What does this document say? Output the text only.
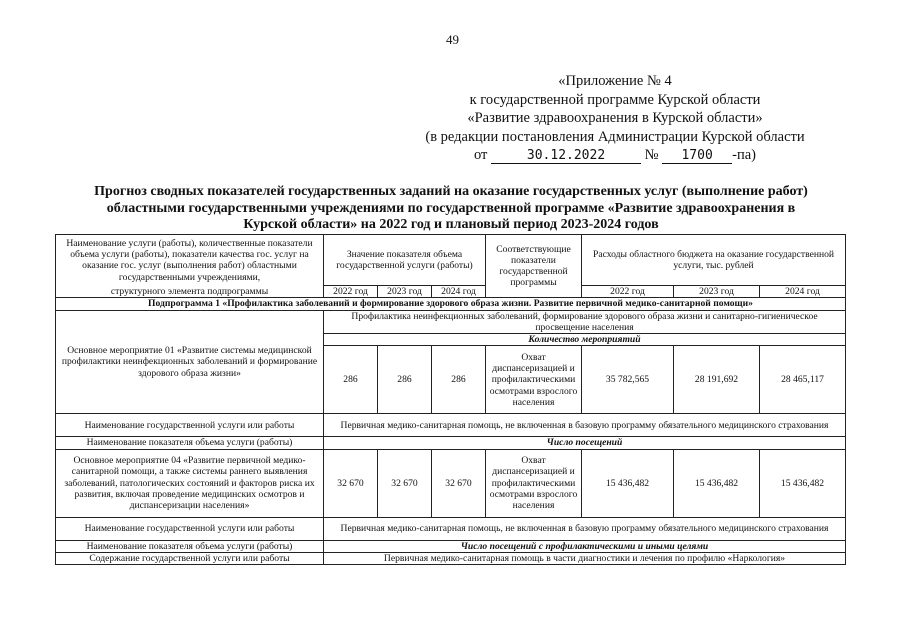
49
«Приложение № 4
к государственной программе Курской области
«Развитие здравоохранения в Курской области»
(в редакции постановления Администрации Курской области
от	30.12.2022	№ 1700 -па)
Прогноз сводных показателей государственных заданий на оказание государственных услуг (выполнение работ)
областными государственными учреждениями по государственной программе «Развитие здравоохранения в
Курской области» на 2022 год и плановый период 2023-2024 годов
Наименование услуги (работы), количественные показатели объема услуги (работы), показатели качества гос. услуг на оказание гос. услуг (выполнения работ) областными государственными учреждениями,	Значение показателя объема государственной услуги (работы)			Соответствующие показатели государственной программы	Расходы областного бюджета на оказание государственной услуги, тыс. рублей		
структурного элемента подпрограммы	2022 год	2023 год	2024 год		2022 год	2023 год	2024 год
Подпрограмма 1 «Профилактика заболеваний и формирование здорового образа жизни. Развитие первичной медико-санитарной помощи»							
Основное мероприятие 01 «Развитие системы медицинской профилактики неинфекционных заболеваний и формирование здорового образа жизни»	Профилактика неинфекционных заболеваний, формирование здорового образа жизни и санитарно-гигиеническое просвещение населения						
	Количество мероприятий						
	286	286	286	Охват диспансеризацией и профилактическими осмотрами взрослого населения	35 782,565	28 191,692	28 465,117
Наименование государственной услуги или работы	Первичная медико-санитарная помощь, не включенная в базовую программу обязательного медицинского страхования						
Наименование показателя объема услуги (работы)	Число посещений						
Основное мероприятие 04 «Развитие первичной медико-санитарной помощи, а также системы раннего выявления заболеваний, патологических состояний и факторов риска их развития, включая проведение медицинских осмотров и диспансеризации населения»	32 670	32 670	32 670	Охват диспансеризацией и профилактическими осмотрами взрослого населения	15 436,482	15 436,482	15 436,482
Наименование государственной услуги или работы	Первичная медико-санитарная помощь, не включенная в базовую программу обязательного медицинского страхования						
Наименование показателя объема услуги (работы)	Число посещений с профилактическими и иными целями						
Содержание государственной услуги или работы	Первичная медико-санитарная помощь в части диагностики и лечения по профилю «Наркология»						
